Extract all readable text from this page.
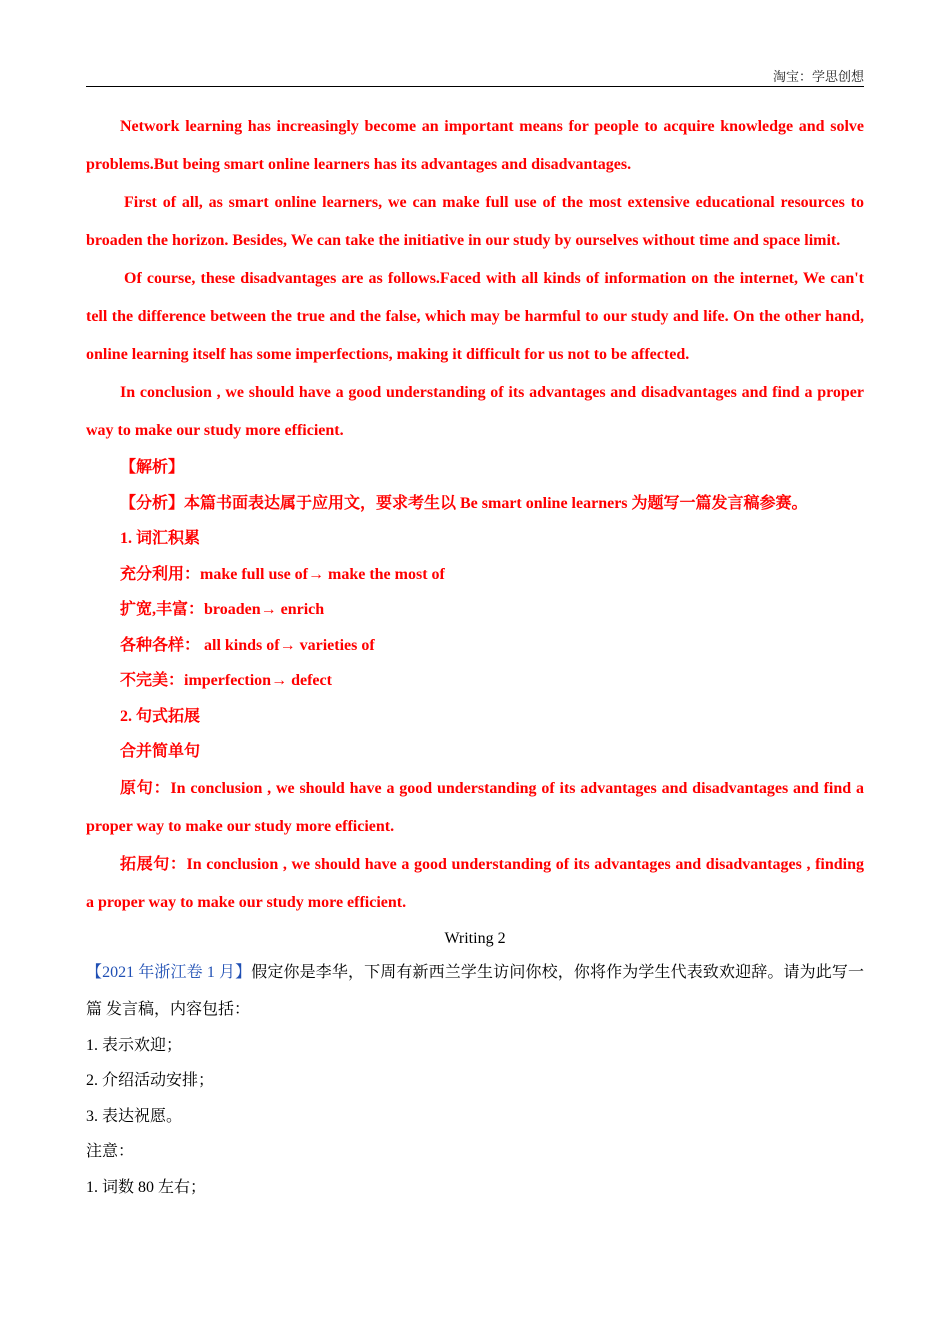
淘宝：学思创想

Network learning has increasingly become an important means for people to acquire knowledge and solve problems.But being smart online learners has its advantages and disadvantages.

First of all, as smart online learners, we can make full use of the most extensive educational resources to broaden the horizon. Besides, We can take the initiative in our study by ourselves without time and space limit.

Of course, these disadvantages are as follows.Faced with all kinds of information on the internet, We can't tell the difference between the true and the false, which may be harmful to our study and life. On the other hand, online learning itself has some imperfections, making it difficult for us not to be affected.

In conclusion , we should have a good understanding of its advantages and disadvantages and find a proper way to make our study more efficient.

【解析】

【分析】本篇书面表达属于应用文，要求考生以 Be smart online learners 为题写一篇发言稿参赛。

1. 词汇积累

充分利用：make full use of→ make the most of

扩宽,丰富：broaden→ enrich

各种各样： all kinds of→ varieties of

不完美：imperfection→ defect

2. 句式拓展

合并简单句

原句：In conclusion , we should have a good understanding of its advantages and disadvantages and find a proper way to make our study more efficient.

拓展句：In conclusion , we should have a good understanding of its advantages and disadvantages , finding a proper way to make our study more efficient.

Writing 2

【2021 年浙江卷 1 月】假定你是李华，下周有新西兰学生访问你校，你将作为学生代表致欢迎辞。请为此写一篇 发言稿，内容包括：

1. 表示欢迎；

2. 介绍活动安排；

3. 表达祝愿。

注意：

1. 词数 80 左右；
